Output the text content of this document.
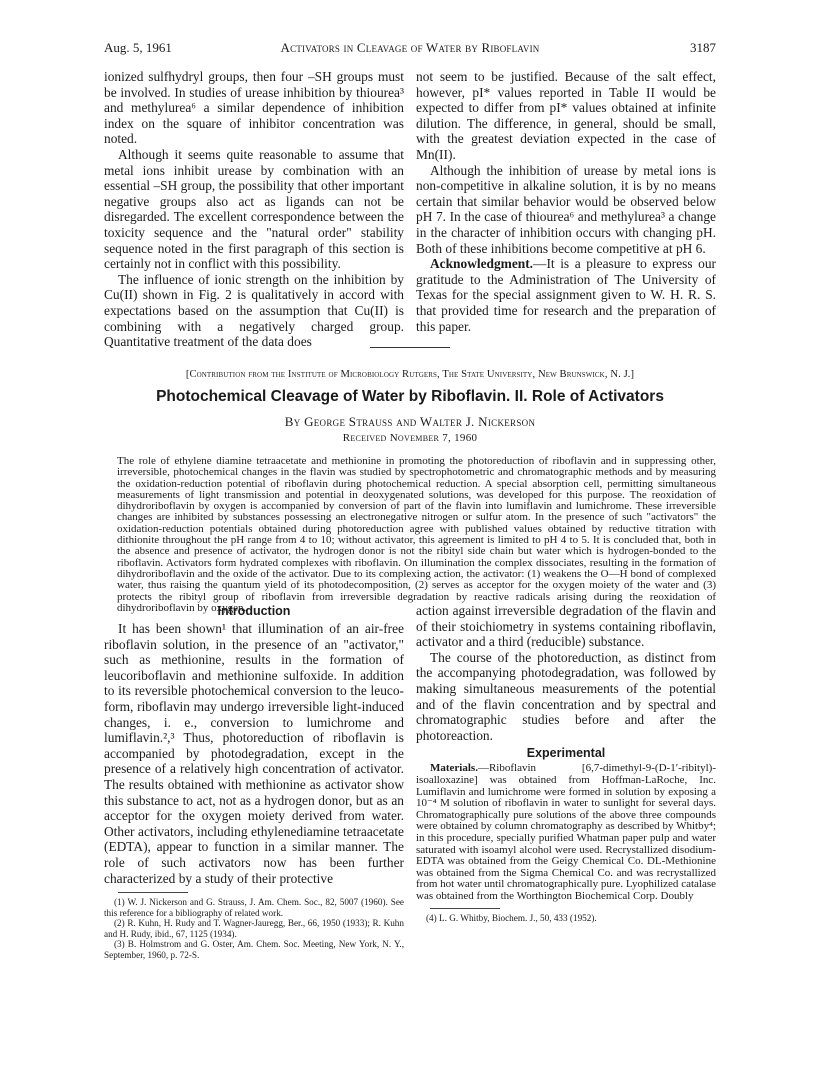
Aug. 5, 1961	Activators in Cleavage of Water by Riboflavin	3187

ionized sulfhydryl groups, then four –SH groups must be involved. In studies of urease inhibition by thiourea³ and methylurea⁶ a similar dependence of inhibition index on the square of inhibitor concentration was noted.

Although it seems quite reasonable to assume that metal ions inhibit urease by combination with an essential –SH group, the possibility that other important negative groups also act as ligands can not be disregarded. The excellent correspondence between the toxicity sequence and the "natural order" stability sequence noted in the first paragraph of this section is certainly not in conflict with this possibility.

The influence of ionic strength on the inhibition by Cu(II) shown in Fig. 2 is qualitatively in accord with expectations based on the assumption that Cu(II) is combining with a negatively charged group. Quantitative treatment of the data does

not seem to be justified. Because of the salt effect, however, pI* values reported in Table II would be expected to differ from pI* values obtained at infinite dilution. The difference, in general, should be small, with the greatest deviation expected in the case of Mn(II).

Although the inhibition of urease by metal ions is non-competitive in alkaline solution, it is by no means certain that similar behavior would be observed below pH 7. In the case of thiourea⁶ and methylurea³ a change in the character of inhibition occurs with changing pH. Both of these inhibitions become competitive at pH 6.

Acknowledgment.—It is a pleasure to express our gratitude to the Administration of The University of Texas for the special assignment given to W. H. R. S. that provided time for research and the preparation of this paper.

[Contribution from the Institute of Microbiology Rutgers, The State University, New Brunswick, N. J.]
Photochemical Cleavage of Water by Riboflavin. II. Role of Activators
By George Strauss and Walter J. Nickerson
Received November 7, 1960
The role of ethylene diamine tetraacetate and methionine in promoting the photoreduction of riboflavin and in suppressing other, irreversible, photochemical changes in the flavin was studied by spectrophotometric and chromatographic methods and by measuring the oxidation-reduction potential of riboflavin during photochemical reduction. A special absorption cell, permitting simultaneous measurements of light transmission and potential in deoxygenated solutions, was developed for this purpose. The reoxidation of dihydroriboflavin by oxygen is accompanied by conversion of part of the flavin into lumiflavin and lumichrome. These irreversible changes are inhibited by substances possessing an electronegative nitrogen or sulfur atom. In the presence of such "activators" the oxidation-reduction potentials obtained during photoreduction agree with published values obtained by reductive titration with dithionite throughout the pH range from 4 to 10; without activator, this agreement is limited to pH 4 to 5. It is concluded that, both in the absence and presence of activator, the hydrogen donor is not the ribityl side chain but water which is hydrogen-bonded to the riboflavin. Activators form hydrated complexes with riboflavin. On illumination the complex dissociates, resulting in the formation of dihydroriboflavin and the oxide of the activator. Due to its complexing action, the activator: (1) weakens the O—H bond of complexed water, thus raising the quantum yield of its photodecomposition, (2) serves as acceptor for the oxygen moiety of the water and (3) protects the ribityl group of riboflavin from irreversible degradation by reactive radicals arising during the reoxidation of dihydroriboflavin by oxygen.

Introduction

It has been shown¹ that illumination of an air-free riboflavin solution, in the presence of an "activator," such as methionine, results in the formation of leucoriboflavin and methionine sulfoxide. In addition to its reversible photochemical conversion to the leuco-form, riboflavin may undergo irreversible light-induced changes, i. e., conversion to lumichrome and lumiflavin.²,³ Thus, photoreduction of riboflavin is accompanied by photodegradation, except in the presence of a relatively high concentration of activator. The results obtained with methionine as activator show this substance to act, not as a hydrogen donor, but as an acceptor for the oxygen moiety derived from water. Other activators, including ethylenediamine tetraacetate (EDTA), appear to function in a similar manner. The role of such activators now has been further characterized by a study of their protective

(1) W. J. Nickerson and G. Strauss, J. Am. Chem. Soc., 82, 5007 (1960). See this reference for a bibliography of related work.

(2) R. Kuhn, H. Rudy and T. Wagner-Jauregg, Ber., 66, 1950 (1933); R. Kuhn and H. Rudy, ibid., 67, 1125 (1934).

(3) B. Holmstrom and G. Oster, Am. Chem. Soc. Meeting, New York, N. Y., September, 1960, p. 72-S.

action against irreversible degradation of the flavin and of their stoichiometry in systems containing riboflavin, activator and a third (reducible) substance.

The course of the photoreduction, as distinct from the accompanying photodegradation, was followed by making simultaneous measurements of the potential and of the flavin concentration and by spectral and chromatographic studies before and after the photoreaction.

Experimental

Materials.—Riboflavin [6,7-dimethyl-9-(D-1′-ribityl)-isoalloxazine] was obtained from Hoffman-LaRoche, Inc. Lumiflavin and lumichrome were formed in solution by exposing a 10⁻⁴ M solution of riboflavin in water to sunlight for several days. Chromatographically pure solutions of the above three compounds were obtained by column chromatography as described by Whitby⁴; in this procedure, specially purified Whatman paper pulp and water saturated with isoamyl alcohol were used. Recrystallized disodium-EDTA was obtained from the Geigy Chemical Co. DL-Methionine was obtained from the Sigma Chemical Co. and was recrystallized from hot water until chromatographically pure. Lyophilized catalase was obtained from the Worthington Biochemical Corp. Doubly

(4) L. G. Whitby, Biochem. J., 50, 433 (1952).
